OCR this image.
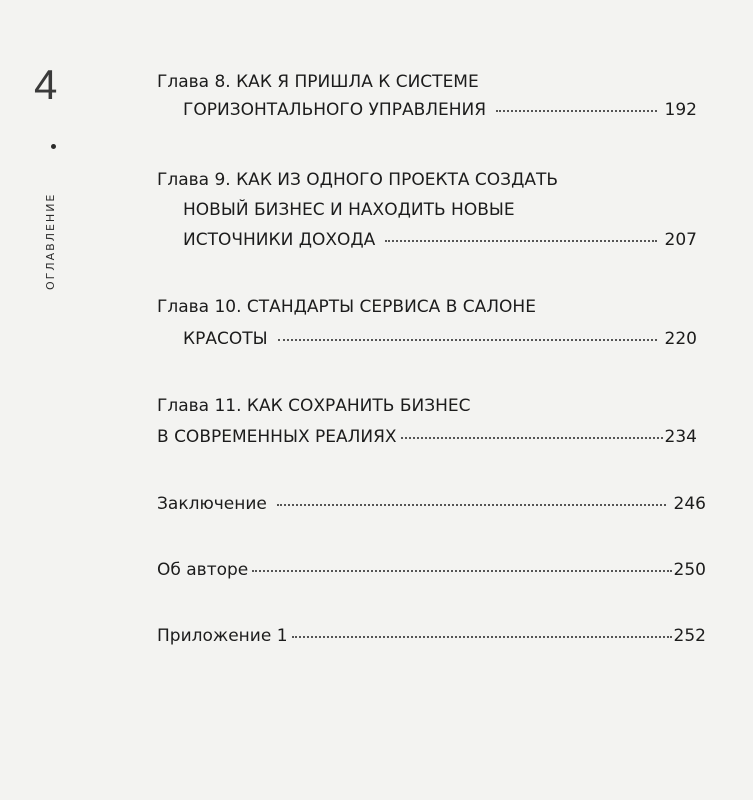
4
ОГЛАВЛЕНИЕ
Глава 8. КАК Я ПРИШЛА К СИСТЕМЕ
ГОРИЗОНТАЛЬНОГО УПРАВЛЕНИЯ	192
Глава 9. КАК ИЗ ОДНОГО ПРОЕКТА СОЗДАТЬ
НОВЫЙ БИЗНЕС И НАХОДИТЬ НОВЫЕ
ИСТОЧНИКИ ДОХОДА	207
Глава 10. СТАНДАРТЫ СЕРВИСА В САЛОНЕ
КРАСОТЫ	220
Глава 11. КАК СОХРАНИТЬ БИЗНЕС
В СОВРЕМЕННЫХ РЕАЛИЯХ	234
Заключение	246
Об авторе	250
Приложение 1	252
